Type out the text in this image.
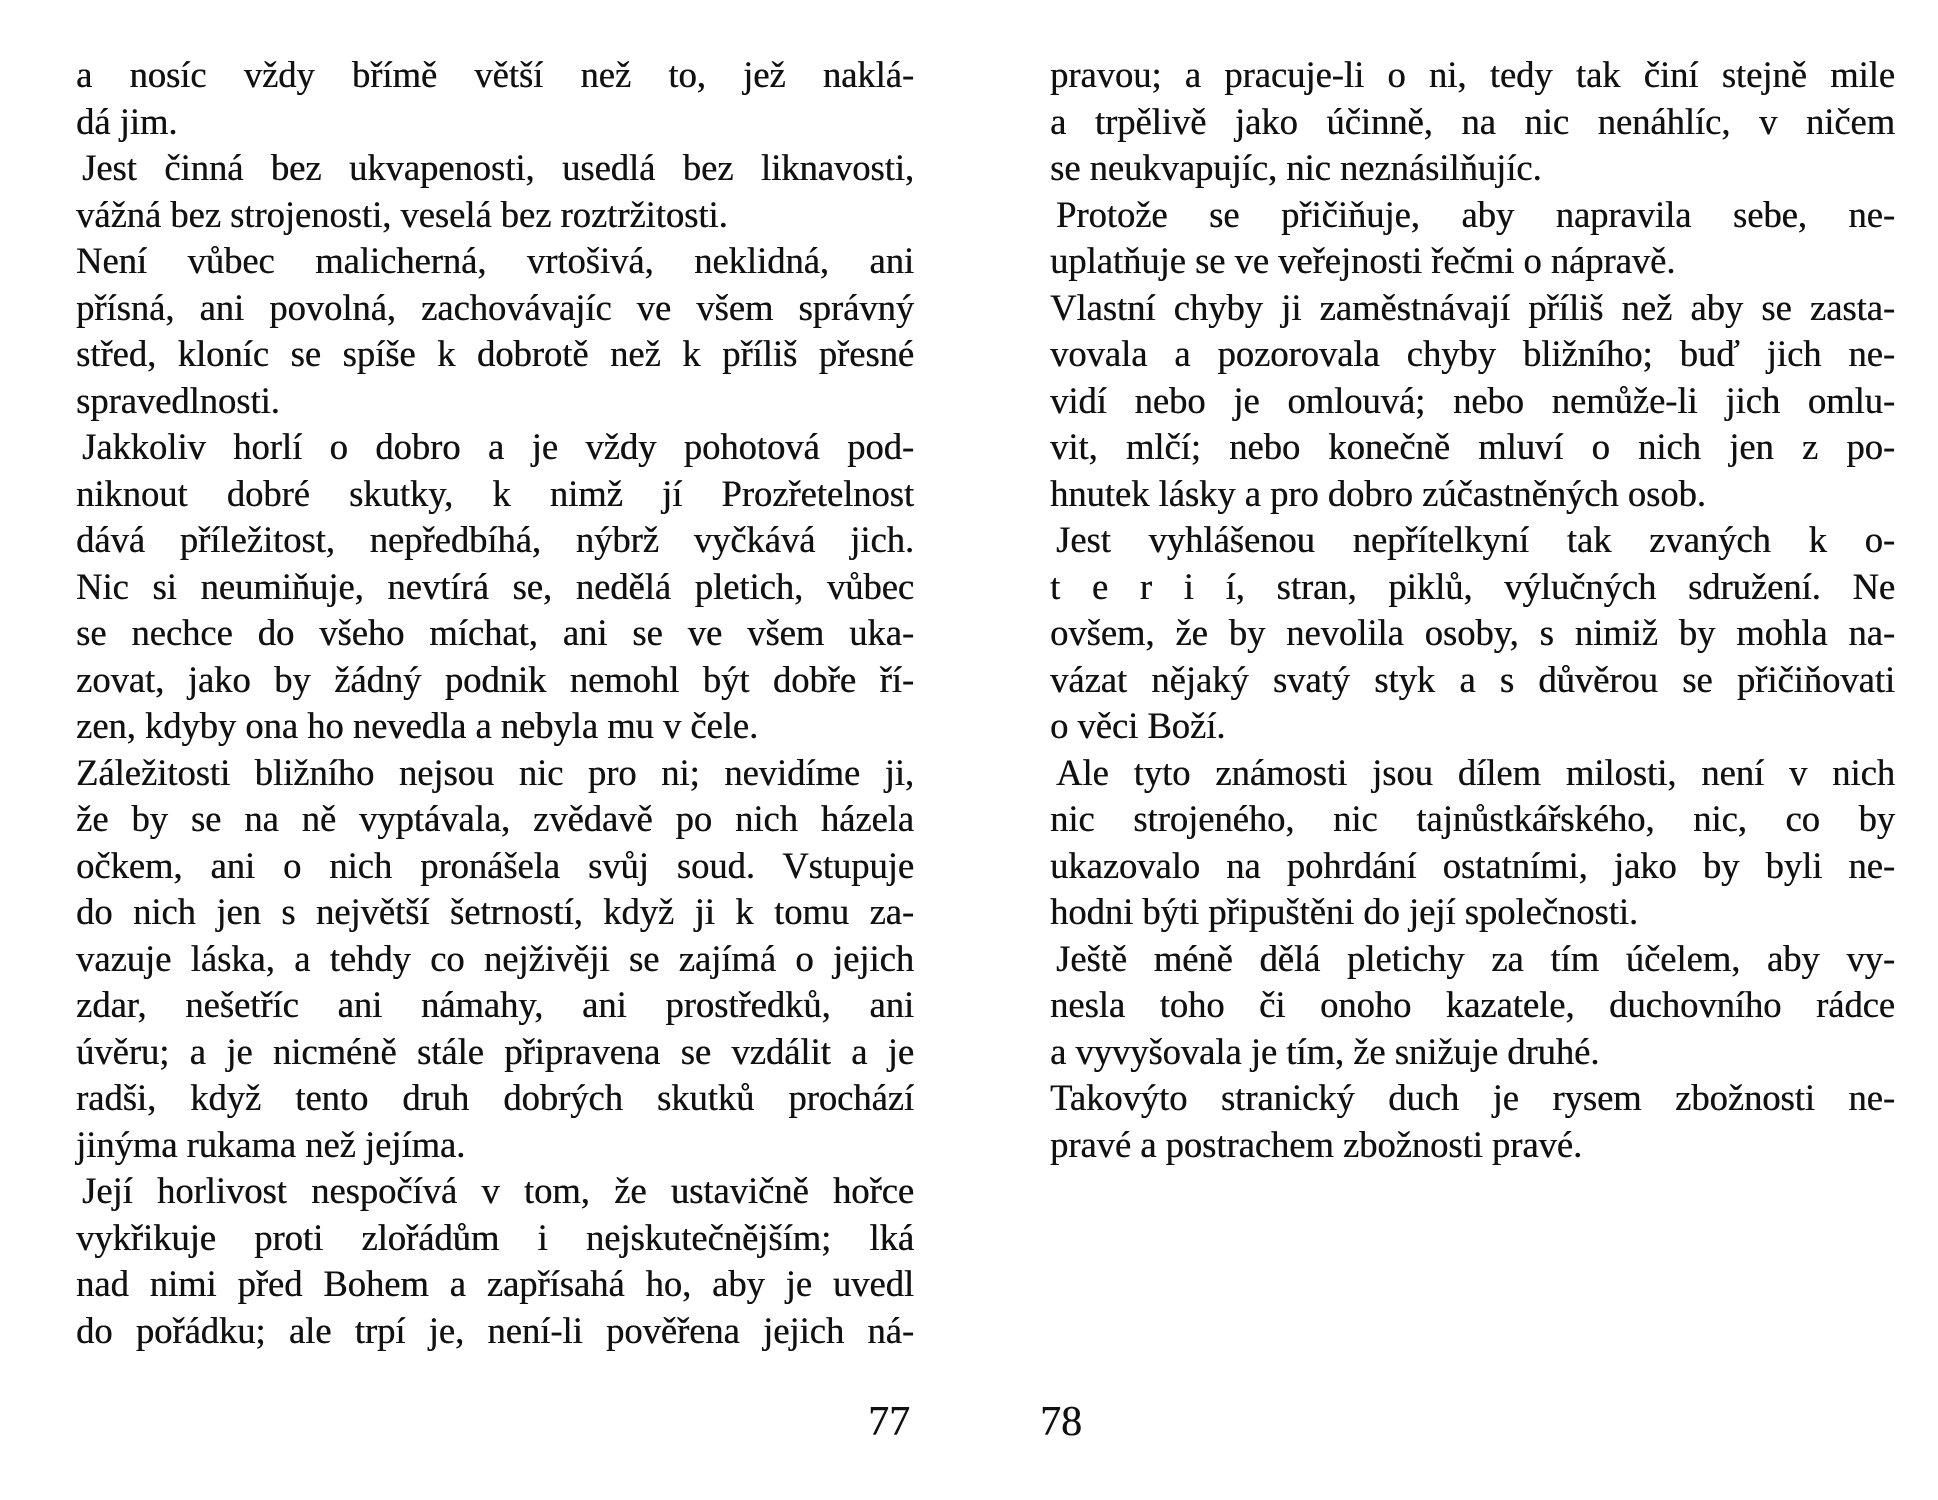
a nosíc vždy břímě větší než to, jež naklá-
dá jim.
Jest činná bez ukvapenosti, usedlá bez liknavosti,
vážná bez strojenosti, veselá bez roztržitosti.
Není vůbec malicherná, vrtošivá, neklidná, ani
přísná, ani povolná, zachovávajíc ve všem správný
střed, kloníc se spíše k dobrotě než k příliš přesné
spravedlnosti.
Jakkoliv horlí o dobro a je vždy pohotová pod-
niknout dobré skutky, k nimž jí Prozřetelnost
dává příležitost, nepředbíhá, nýbrž vyčkává jich.
Nic si neumiňuje, nevtírá se, nedělá pletich, vůbec
se nechce do všeho míchat, ani se ve všem uka-
zovat, jako by žádný podnik nemohl být dobře ří-
zen, kdyby ona ho nevedla a nebyla mu v čele.
Záležitosti bližního nejsou nic pro ni; nevidíme ji,
že by se na ně vyptávala, zvědavě po nich házela
očkem, ani o nich pronášela svůj soud. Vstupuje
do nich jen s největší šetrností, když ji k tomu za-
vazuje láska, a tehdy co nejživěji se zajímá o jejich
zdar, nešetříc ani námahy, ani prostředků, ani
úvěru; a je nicméně stále připravena se vzdálit a je
radši, když tento druh dobrých skutků prochází
jinýma rukama než jejíma.
Její horlivost nespočívá v tom, že ustavičně hořce
vykřikuje proti zlořádům i nejskutečnějším; lká
nad nimi před Bohem a zapřísahá ho, aby je uvedl
do pořádku; ale trpí je, není-li pověřena jejich ná-
pravou; a pracuje-li o ni, tedy tak činí stejně mile
a trpělivě jako účinně, na nic nenáhlíc, v ničem
se neukvapujíc, nic neznásilňujíc.
Protože se přičiňuje, aby napravila sebe, ne-
uplatňuje se ve veřejnosti řečmi o nápravě.
Vlastní chyby ji zaměstnávají příliš než aby se zasta-
vovala a pozorovala chyby bližního; buď jich ne-
vidí nebo je omlouvá; nebo nemůže-li jich omlu-
vit, mlčí; nebo konečně mluví o nich jen z po-
hnutek lásky a pro dobro zúčastněných osob.
Jest vyhlášenou nepřítelkyní tak zvaných k o-
t e r i í, stran, piklů, výlučných sdružení. Ne
ovšem, že by nevolila osoby, s nimiž by mohla na-
vázat nějaký svatý styk a s důvěrou se přičiňovati
o věci Boží.
Ale tyto známosti jsou dílem milosti, není v nich
nic strojeného, nic tajnůstkářského, nic, co by
ukazovalo na pohrdání ostatními, jako by byli ne-
hodni býti připuštěni do její společnosti.
Ještě méně dělá pletichy za tím účelem, aby vy-
nesla toho či onoho kazatele, duchovního rádce
a vyvyšovala je tím, že snižuje druhé.
Takovýto stranický duch je rysem zbožnosti ne-
pravé a postrachem zbožnosti pravé.
77	78
